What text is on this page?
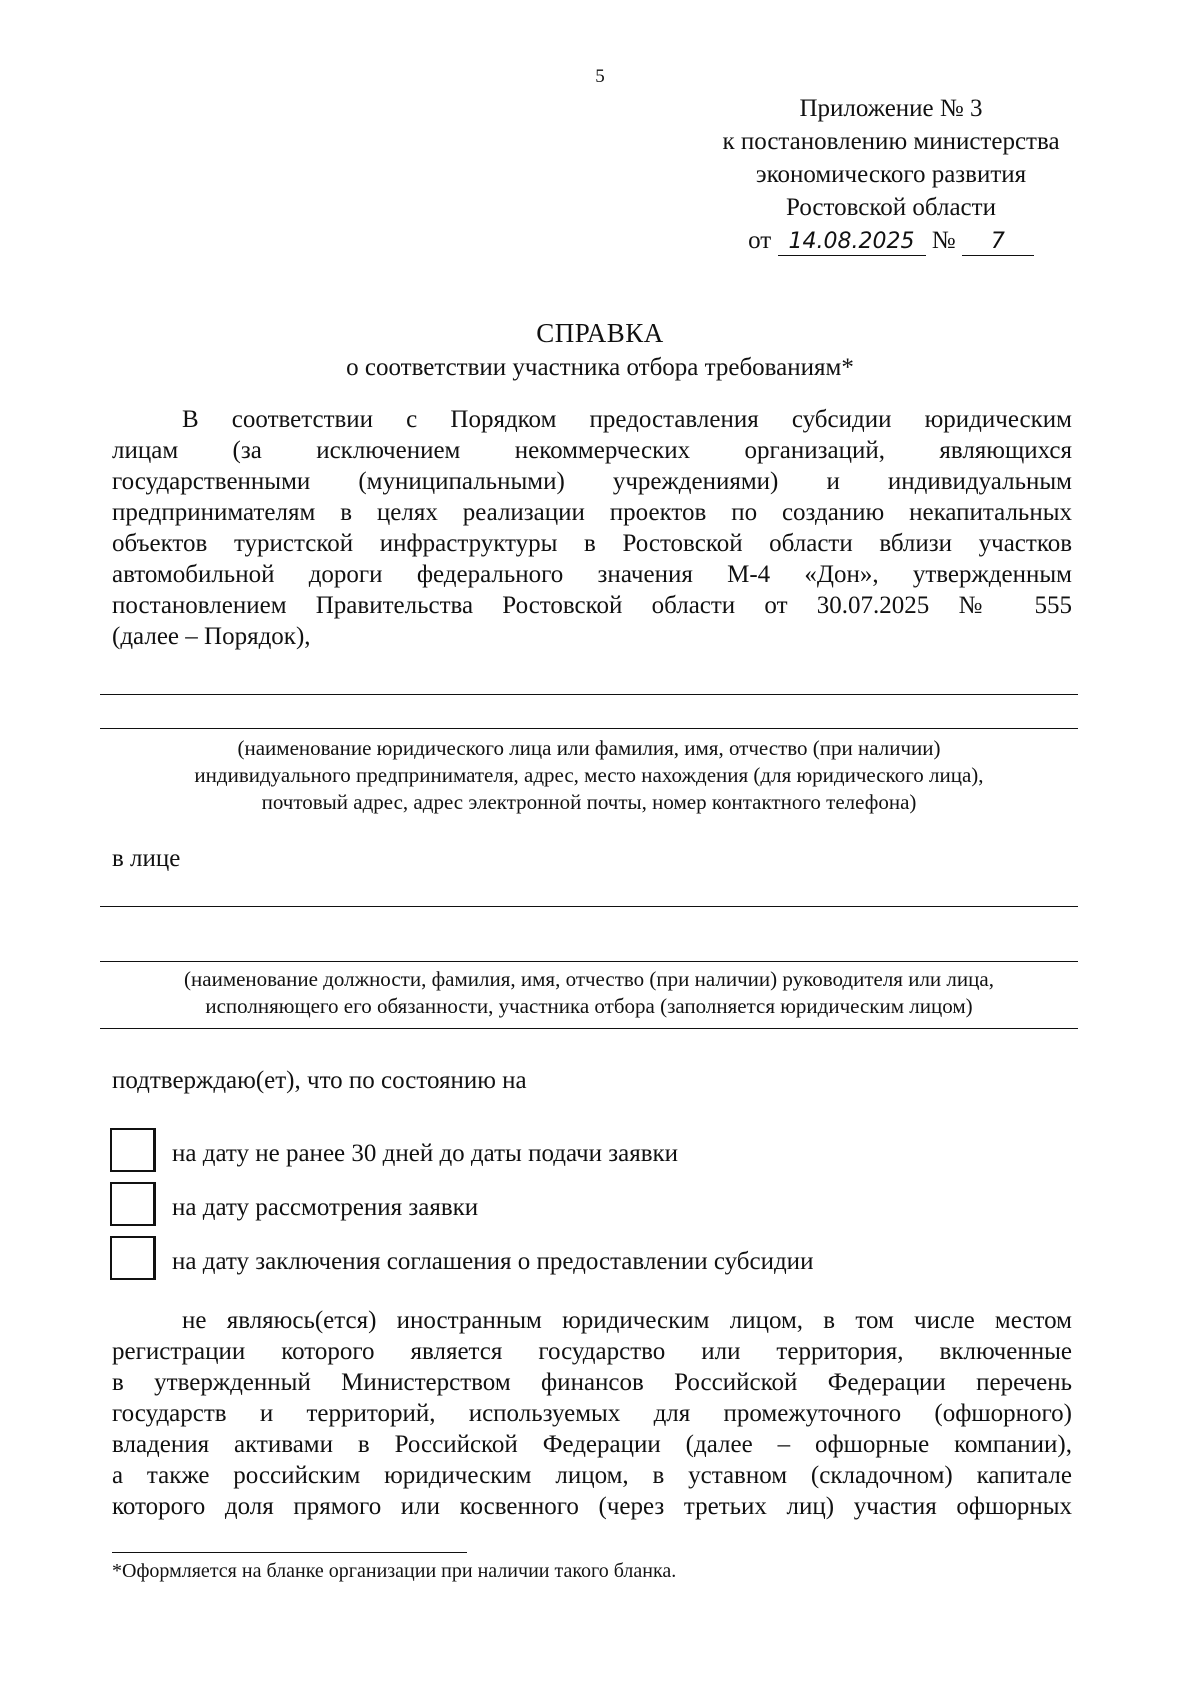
5
Приложение № 3
к постановлению министерства
экономического развития
Ростовской области
от 14.08.2025 № 7
СПРАВКА
о соответствии участника отбора требованиям*
В соответствии с Порядком предоставления субсидии юридическим
лицам (за исключением некоммерческих организаций, являющихся
государственными (муниципальными) учреждениями) и индивидуальным
предпринимателям в целях реализации проектов по созданию некапитальных
объектов туристской инфраструктуры в Ростовской области вблизи участков
автомобильной дороги федерального значения М-4 «Дон», утвержденным
постановлением Правительства Ростовской области от 30.07.2025 № 555
(далее – Порядок),
(наименование юридического лица или фамилия, имя, отчество (при наличии)
индивидуального предпринимателя, адрес, место нахождения (для юридического лица),
почтовый адрес, адрес электронной почты, номер контактного телефона)
в лице
(наименование должности, фамилия, имя, отчество (при наличии) руководителя или лица,
исполняющего его обязанности, участника отбора (заполняется юридическим лицом)
подтверждаю(ет), что по состоянию на
на дату не ранее 30 дней до даты подачи заявки
на дату рассмотрения заявки
на дату заключения соглашения о предоставлении субсидии
не являюсь(ется) иностранным юридическим лицом, в том числе местом
регистрации которого является государство или территория, включенные
в утвержденный Министерством финансов Российской Федерации перечень
государств и территорий, используемых для промежуточного (офшорного)
владения активами в Российской Федерации (далее – офшорные компании),
а также российским юридическим лицом, в уставном (складочном) капитале
которого доля прямого или косвенного (через третьих лиц) участия офшорных
*Оформляется на бланке организации при наличии такого бланка.
